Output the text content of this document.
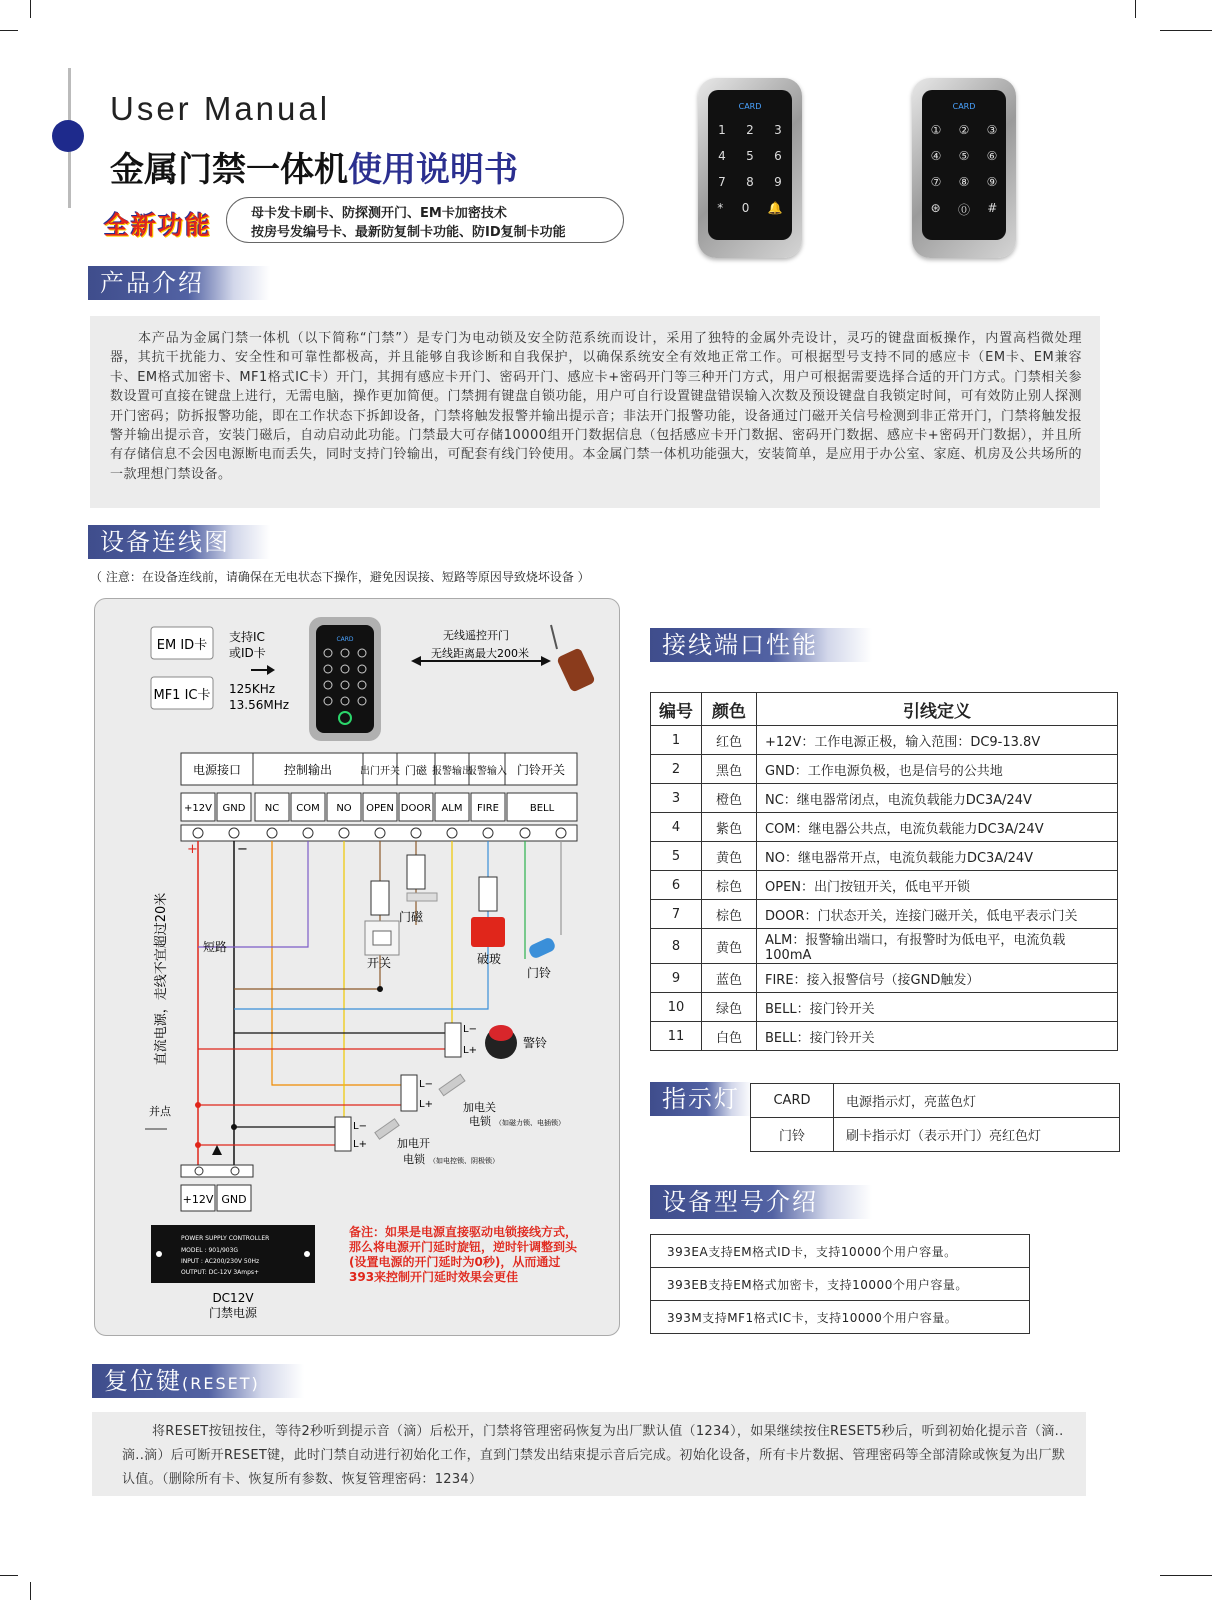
User Manual
金属门禁一体机使用说明书
全新功能	母卡发卡刷卡、防探测开门、EM卡加密技术
按房号发编号卡、最新防复制卡功能、防ID复制卡功能
CARD
1 2 3
4 5 6
7 8 9
* 0 🔔
CARD
① ② ③
④ ⑤ ⑥
⑦ ⑧ ⑨
⊛ ⓪ #
产品介绍
本产品为金属门禁一体机（以下简称“门禁”）是专门为电动锁及安全防范系统而设计，采用了独特的金属外壳设计，灵巧的键盘面板操作，内置高档微处理器，其抗干扰能力、安全性和可靠性都极高，并且能够自我诊断和自我保护，以确保系统安全有效地正常工作。可根据型号支持不同的感应卡（EM卡、EM兼容卡、EM格式加密卡、MF1格式IC卡）开门，其拥有感应卡开门、密码开门、感应卡+密码开门等三种开门方式，用户可根据需要选择合适的开门方式。门禁相关参数设置可直接在键盘上进行，无需电脑，操作更加简便。门禁拥有键盘自锁功能，用户可自行设置键盘错误输入次数及预设键盘自我锁定时间，可有效防止别人探测开门密码；防拆报警功能，即在工作状态下拆卸设备，门禁将触发报警并输出提示音；非法开门报警功能，设备通过门磁开关信号检测到非正常开门，门禁将触发报警并输出提示音，安装门磁后，自动启动此功能。门禁最大可存储10000组开门数据信息（包括感应卡开门数据、密码开门数据、感应卡+密码开门数据），并且所有存储信息不会因电源断电而丢失，同时支持门铃输出，可配套有线门铃使用。本金属门禁一体机功能强大，安装简单，是应用于办公室、家庭、机房及公共场所的一款理想门禁设备。
设备连线图
（ 注意：在设备连线前，请确保在无电状态下操作，避免因误接、短路等原因导致烧坏设备 ）
EM ID卡
MF1 IC卡
支持IC
或ID卡
125KHz
13.56MHz
CARD	无线遥控开门
无线距离最大200米
电源接口	控制输出	出门开关 门磁 报警输出
报警输入 门铃开关
+12V GND NC COM NO OPEN DOOR ALM FIRE	BELL
+	−
直流电源，走线不宜超过20米	短路
并点
开关
门磁
破玻
门铃
L−
L+
警铃
L−
L+	加电关
电锁 （如磁力锁、电插锁）
L−
L+	加电开
电锁 （如电控锁、阴极锁）
+12V GND
POWER SUPPLY CONTROLLER
MODEL : 901/903G
INPUT : AC200/230V 50Hz
OUTPUT: DC-12V 3Amps+
DC12V
门禁电源
备注：如果是电源直接驱动电锁接线方式，那么将电源开门延时旋钮，逆时针调整到头(设置电源的开门延时为0秒)，从而通过393来控制开门延时效果会更佳
接线端口性能
编号	颜色	引线定义
1	红色	+12V：工作电源正极，输入范围：DC9-13.8V
2	黑色	GND：工作电源负极，也是信号的公共地
3	橙色	NC：继电器常闭点，电流负载能力DC3A/24V
4	紫色	COM：继电器公共点，电流负载能力DC3A/24V
5	黄色	NO：继电器常开点，电流负载能力DC3A/24V
6	棕色	OPEN：出门按钮开关，低电平开锁
7	棕色	DOOR：门状态开关，连接门磁开关，低电平表示门关
8	黄色	ALM：报警输出端口，有报警时为低电平，电流负载100mA
9	蓝色	FIRE：接入报警信号（接GND触发）
10	绿色	BELL：接门铃开关
11	白色	BELL：接门铃开关
指示灯	CARD	电源指示灯，亮蓝色灯
门铃	刷卡指示灯（表示开门）亮红色灯
设备型号介绍
393EA支持EM格式ID卡，支持10000个用户容量。
393EB支持EM格式加密卡，支持10000个用户容量。
393M支持MF1格式IC卡，支持10000个用户容量。
复位键(RESET)
将RESET按钮按住，等待2秒听到提示音（滴）后松开，门禁将管理密码恢复为出厂默认值（1234），如果继续按住RESET5秒后，听到初始化提示音（滴..滴..滴）后可断开RESET键，此时门禁自动进行初始化工作，直到门禁发出结束提示音后完成。初始化设备，所有卡片数据、管理密码等全部清除或恢复为出厂默认值。（删除所有卡、恢复所有参数、恢复管理密码：1234）
